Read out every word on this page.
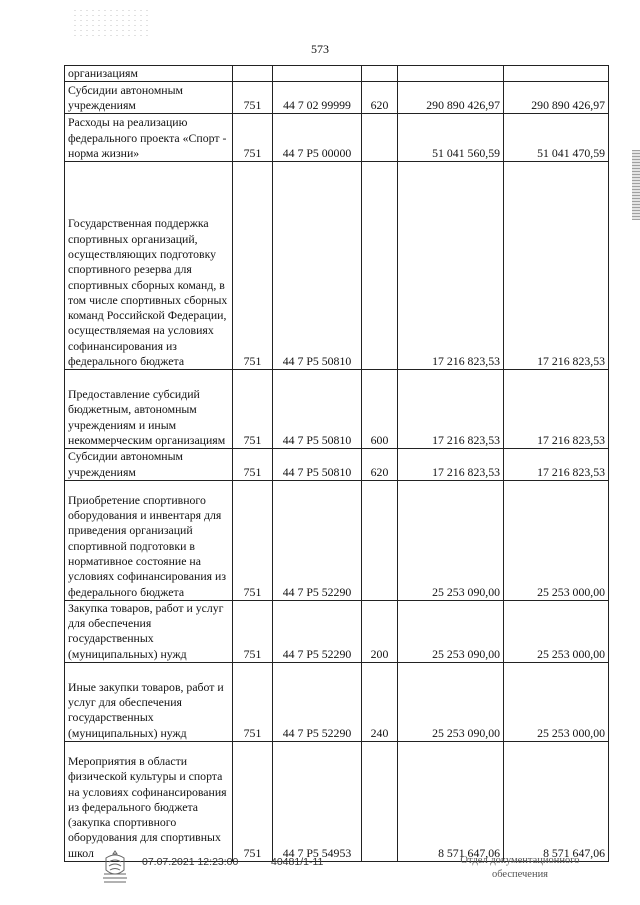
573
организациям					
Субсидии автономным учреждениям	751	44 7 02 99999	620	290 890 426,97	290 890 426,97
Расходы на реализацию федерального проекта «Спорт - норма жизни»	751	44 7 P5 00000		51 041 560,59	51 041 470,59
Государственная поддержка спортивных организаций, осуществляющих подготовку спортивного резерва для спортивных сборных команд, в том числе спортивных сборных команд Российской Федерации, осуществляемая на условиях софинансирования из федерального бюджета	751	44 7 P5 50810		17 216 823,53	17 216 823,53
Предоставление субсидий бюджетным, автономным учреждениям и иным некоммерческим организациям	751	44 7 P5 50810	600	17 216 823,53	17 216 823,53
Субсидии автономным учреждениям	751	44 7 P5 50810	620	17 216 823,53	17 216 823,53
Приобретение спортивного оборудования и инвентаря для приведения организаций спортивной подготовки в нормативное состояние на условиях софинансирования из федерального бюджета	751	44 7 P5 52290		25 253 090,00	25 253 000,00
Закупка товаров, работ и услуг для обеспечения государственных (муниципальных) нужд	751	44 7 P5 52290	200	25 253 090,00	25 253 000,00
Иные закупки товаров, работ и услуг для обеспечения государственных (муниципальных) нужд	751	44 7 P5 52290	240	25 253 090,00	25 253 000,00
Мероприятия в области физической культуры и спорта на условиях софинансирования из федерального бюджета (закупка спортивного оборудования для спортивных школ	751	44 7 P5 54953		8 571 647,06	8 571 647,06
07.07.2021 12:23:00	40481/1-11	Отдел документационного обеспечения
